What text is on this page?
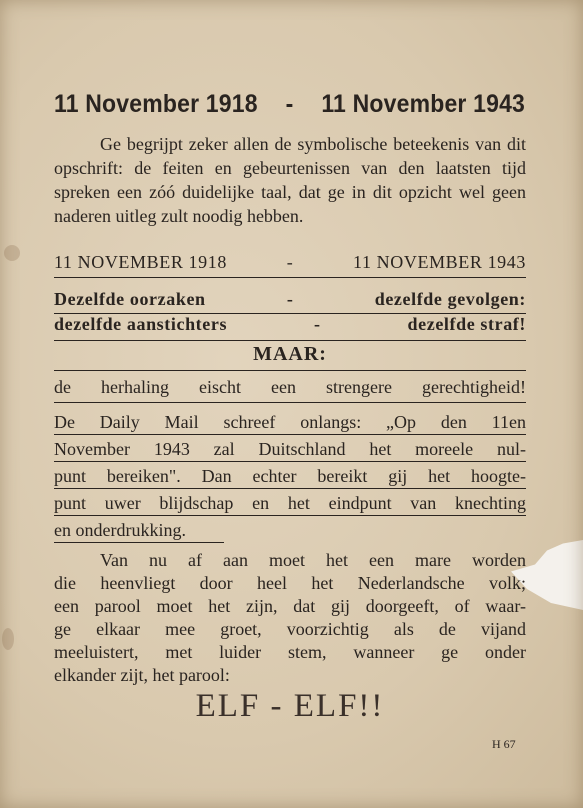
11 November 1918 - 11 November 1943
Ge begrijpt zeker allen de symbolische beteekenis van dit opschrift: de feiten en gebeurtenissen van den laatsten tijd spreken een zóó duidelijke taal, dat ge in dit opzicht wel geen naderen uitleg zult noodig hebben.
11 NOVEMBER 1918	-	11 NOVEMBER 1943
Dezelfde oorzaken	-	dezelfde gevolgen:
dezelfde aanstichters	-	dezelfde straf!
MAAR:
de herhaling eischt een strengere gerechtigheid!
De Daily Mail schreef onlangs: „Op den 11en
November 1943 zal Duitschland het moreele nul-
punt bereiken". Dan echter bereikt gij het hoogte-
punt uwer blijdschap en het eindpunt van knechting
en onderdrukking.
Van nu af aan moet het een mare worden
die heenvliegt door heel het Nederlandsche volk;
een parool moet het zijn, dat gij doorgeeft, of waar-
ge elkaar mee groet, voorzichtig als de vijand
meeluistert, met luider stem, wanneer ge onder
elkander zijt, het parool:
ELF - ELF!!
H 67
